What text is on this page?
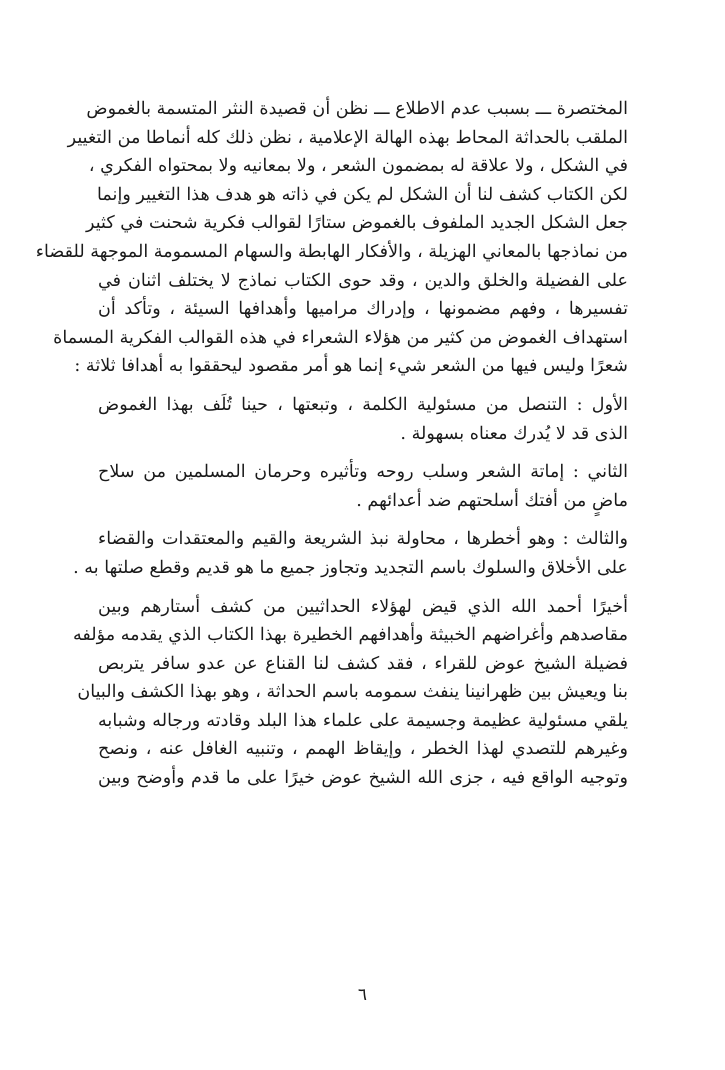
المختصرة ـــ بسبب عدم الاطلاع ـــ نظن أن قصيدة النثر المتسمة بالغموض
الملقب بالحداثة المحاط بهذه الهالة الإعلامية ، نظن ذلك كله أنماطا من التغيير
في الشكل ، ولا علاقة له بمضمون الشعر ، ولا بمعانيه ولا بمحتواه الفكري ،
لكن الكتاب كشف لنا أن الشكل لم يكن في ذاته هو هدف هذا التغيير وإنما
جعل الشكل الجديد الملفوف بالغموض ستارًا لقوالب فكرية شحنت في كثير
من نماذجها بالمعاني الهزيلة ، والأفكار الهابطة والسهام المسمومة الموجهة للقضاء
على الفضيلة والخلق والدين ، وقد حوى الكتاب نماذج لا يختلف اثنان في
تفسيرها ، وفهم مضمونها ، وإدراك مراميها وأهدافها السيئة ، وتأكد أن
استهداف الغموض من كثير من هؤلاء الشعراء في هذه القوالب الفكرية المسماة
شعرًا وليس فيها من الشعر شيء إنما هو أمر مقصود ليحققوا به أهدافا ثلاثة :
الأول : التنصل من مسئولية الكلمة ، وتبعتها ، حينا تُلَف بهذا الغموض
الذى قد لا يُدرك معناه بسهولة .
الثاني : إماتة الشعر وسلب روحه وتأثيره وحرمان المسلمين من سلاح
ماضٍ من أفتك أسلحتهم ضد أعدائهم .
والثالث : وهو أخطرها ، محاولة نبذ الشريعة والقيم والمعتقدات والقضاء
على الأخلاق والسلوك باسم التجديد وتجاوز جميع ما هو قديم وقطع صلتها به .
أخيرًا أحمد الله الذي قيض لهؤلاء الحداثيين من كشف أستارهم وبين
مقاصدهم وأغراضهم الخبيثة وأهدافهم الخطيرة بهذا الكتاب الذي يقدمه مؤلفه
فضيلة الشيخ عوض للقراء ، فقد كشف لنا القناع عن عدو سافر يتربص
بنا ويعيش بين ظهرانينا ينفث سمومه باسم الحداثة ، وهو بهذا الكشف والبيان
يلقي مسئولية عظيمة وجسيمة على علماء هذا البلد وقادته ورجاله وشبابه
وغيرهم للتصدي لهذا الخطر ، وإيقاظ الهمم ، وتنبيه الغافل عنه ، ونصح
وتوجيه الواقع فيه ، جزى الله الشيخ عوض خيرًا على ما قدم وأوضح وبين
٦
